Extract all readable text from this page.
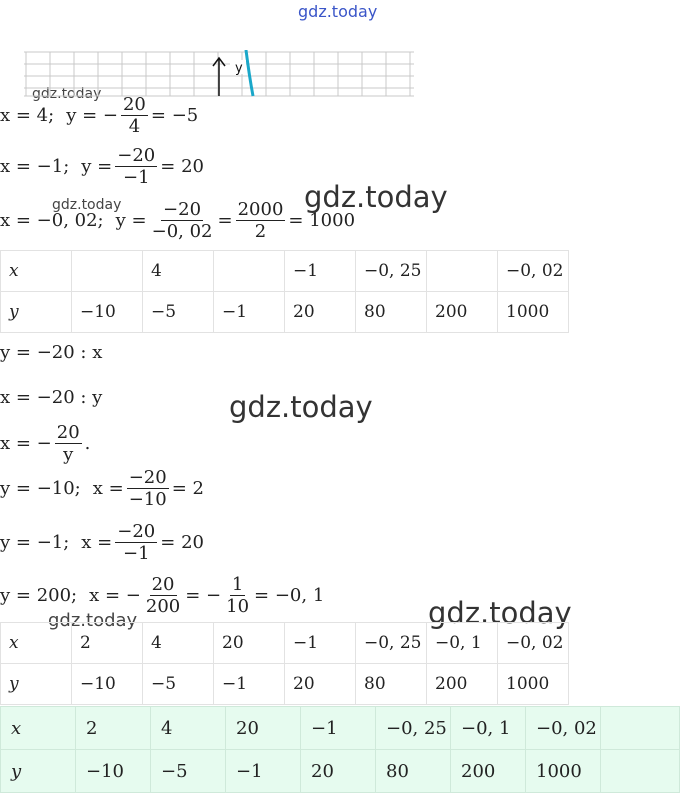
gdz.today
gdz.today
gdz.today
gdz.today
gdz.today
gdz.today
gdz.today
y
x = 4; y = − $\frac{20}{4} = -5$
x = −1; $y = \frac{-20}{-1} = 20$
x = −0, 02; $y = \frac{-20}{-0, 02} = \frac{2000}{2} = 1000$
x		4		−1	−0, 25		−0, 02
y	−10	−5	−1	20	80	200	1000
y = −20 : x
x = −20 : y
x = − $\frac{20}{y}$ .
y = −10; $x = \frac{-20}{-10} = 2$
y = −1; $x = \frac{-20}{-1} = 20$
y = 200; x = − $\frac{20}{200}$ = − $\frac{1}{10} = -0$, 1
x	2	4	20	−1	−0, 25	−0, 1	−0, 02
y	−10	−5	−1	20	80	200	1000
x	2	4	20	−1	−0, 25	−0, 1	−0, 02	
y	−10	−5	−1	20	80	200	1000	
